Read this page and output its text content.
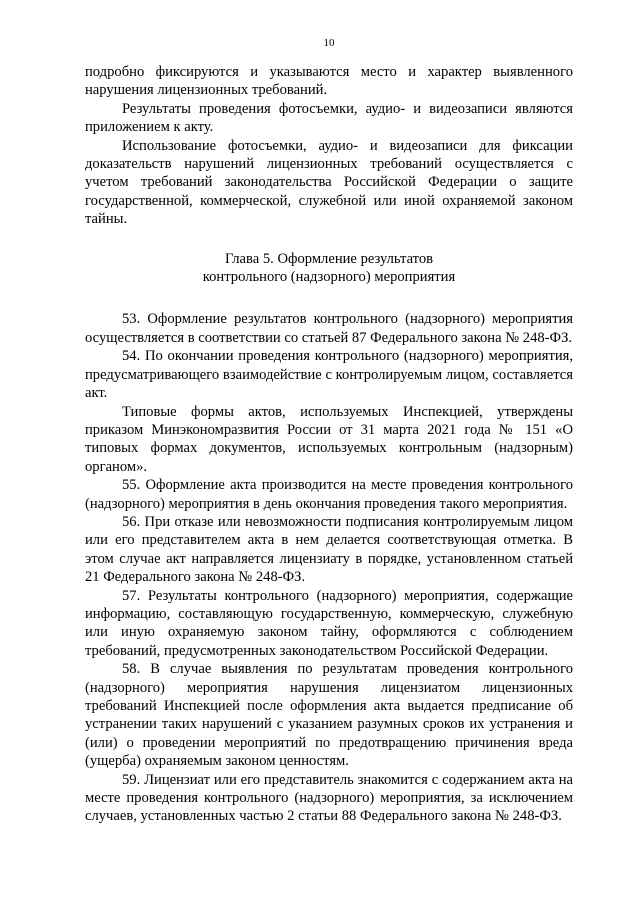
10

подробно фиксируются и указываются место и характер выявленного нарушения лицензионных требований.

Результаты проведения фотосъемки, аудио- и видеозаписи являются приложением к акту.

Использование фотосъемки, аудио- и видеозаписи для фиксации доказательств нарушений лицензионных требований осуществляется с учетом требований законодательства Российской Федерации о защите государственной, коммерческой, служебной или иной охраняемой законом тайны.

Глава 5. Оформление результатов
контрольного (надзорного) мероприятия

53. Оформление результатов контрольного (надзорного) мероприятия осуществляется в соответствии со статьей 87 Федерального закона № 248-ФЗ.

54. По окончании проведения контрольного (надзорного) мероприятия, предусматривающего взаимодействие с контролируемым лицом, составляется акт.

Типовые формы актов, используемых Инспекцией, утверждены приказом Минэкономразвития России от 31 марта 2021 года № 151 «О типовых формах документов, используемых контрольным (надзорным) органом».

55. Оформление акта производится на месте проведения контрольного (надзорного) мероприятия в день окончания проведения такого мероприятия.

56. При отказе или невозможности подписания контролируемым лицом или его представителем акта в нем делается соответствующая отметка. В этом случае акт направляется лицензиату в порядке, установленном статьей 21 Федерального закона № 248-ФЗ.

57. Результаты контрольного (надзорного) мероприятия, содержащие информацию, составляющую государственную, коммерческую, служебную или иную охраняемую законом тайну, оформляются с соблюдением требований, предусмотренных законодательством Российской Федерации.

58. В случае выявления по результатам проведения контрольного (надзорного) мероприятия нарушения лицензиатом лицензионных требований Инспекцией после оформления акта выдается предписание об устранении таких нарушений с указанием разумных сроков их устранения и (или) о проведении мероприятий по предотвращению причинения вреда (ущерба) охраняемым законом ценностям.

59. Лицензиат или его представитель знакомится с содержанием акта на месте проведения контрольного (надзорного) мероприятия, за исключением случаев, установленных частью 2 статьи 88 Федерального закона № 248-ФЗ.
